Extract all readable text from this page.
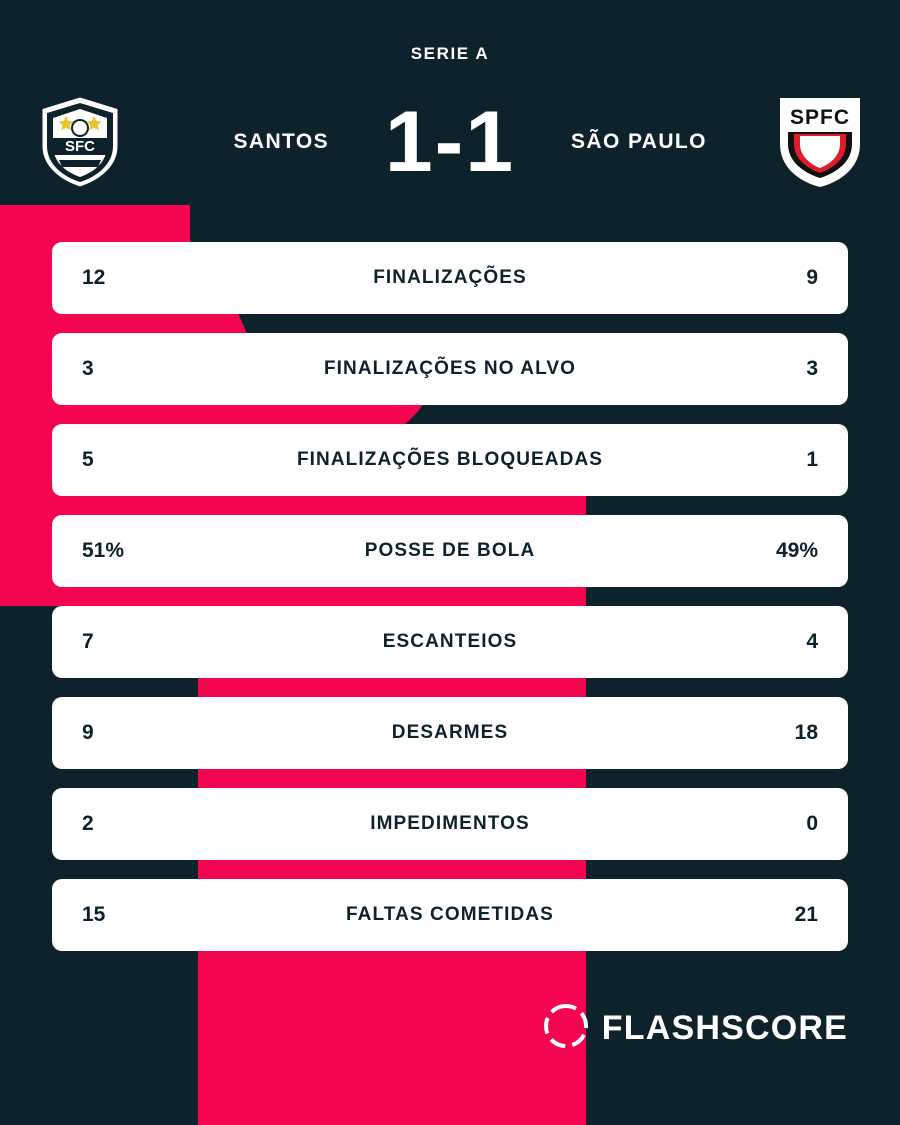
SERIE A
SFC	SANTOS 1-1	SÃO PAULO
SPFC
12	FINALIZAÇÕES	9
3	FINALIZAÇÕES NO ALVO	3
5	FINALIZAÇÕES BLOQUEADAS	1
51%	POSSE DE BOLA	49%
7	ESCANTEIOS	4
9	DESARMES	18
2	IMPEDIMENTOS	0
15	FALTAS COMETIDAS	21
FLASHSCORE
